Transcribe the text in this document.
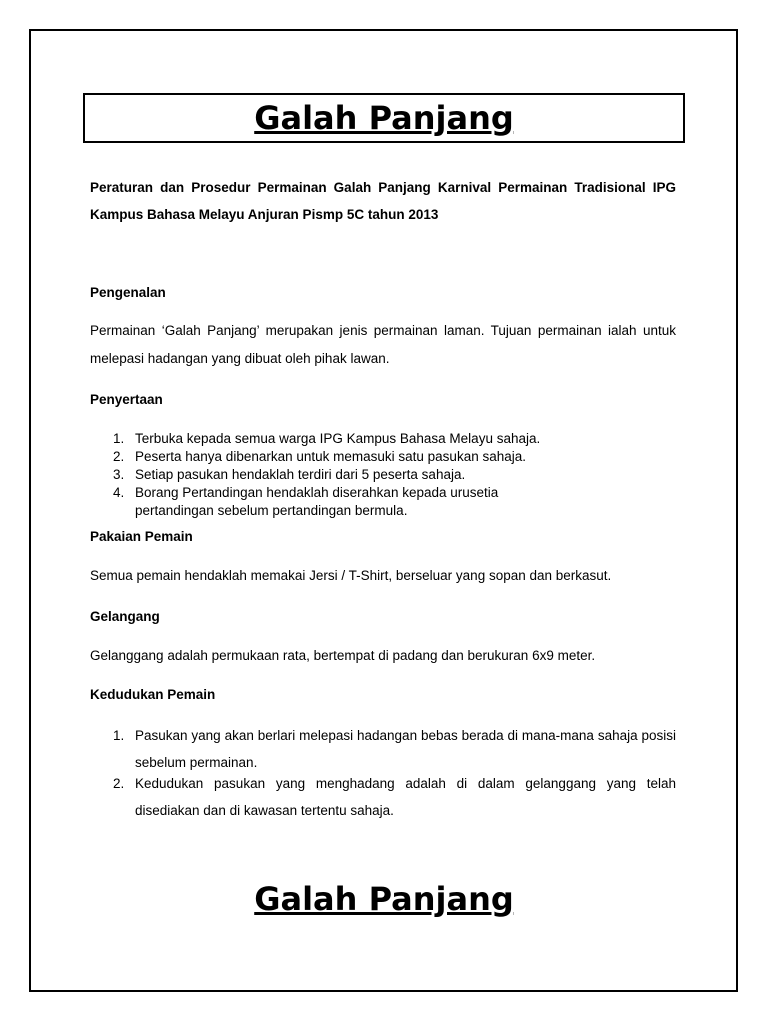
Galah Panjang
Peraturan dan Prosedur Permainan Galah Panjang Karnival Permainan Tradisional IPG Kampus Bahasa Melayu Anjuran Pismp 5C tahun 2013
Pengenalan
Permainan ‘Galah Panjang’ merupakan jenis permainan laman. Tujuan permainan ialah untuk melepasi hadangan yang dibuat oleh pihak lawan.
Penyertaan
1. Terbuka kepada semua warga IPG Kampus Bahasa Melayu sahaja.
2. Peserta hanya dibenarkan untuk memasuki satu pasukan sahaja.
3. Setiap pasukan hendaklah terdiri dari 5 peserta sahaja.
4. Borang Pertandingan hendaklah diserahkan kepada urusetia pertandingan sebelum pertandingan bermula.
Pakaian Pemain
Semua pemain hendaklah memakai Jersi / T-Shirt, berseluar yang sopan dan berkasut.
Gelangang
Gelanggang adalah permukaan rata, bertempat di padang dan berukuran 6x9 meter.
Kedudukan Pemain
1. Pasukan yang akan berlari melepasi hadangan bebas berada di mana-mana sahaja posisi sebelum permainan.
2. Kedudukan pasukan yang menghadang adalah di dalam gelanggang yang telah disediakan dan di kawasan tertentu sahaja.
Galah Panjang
